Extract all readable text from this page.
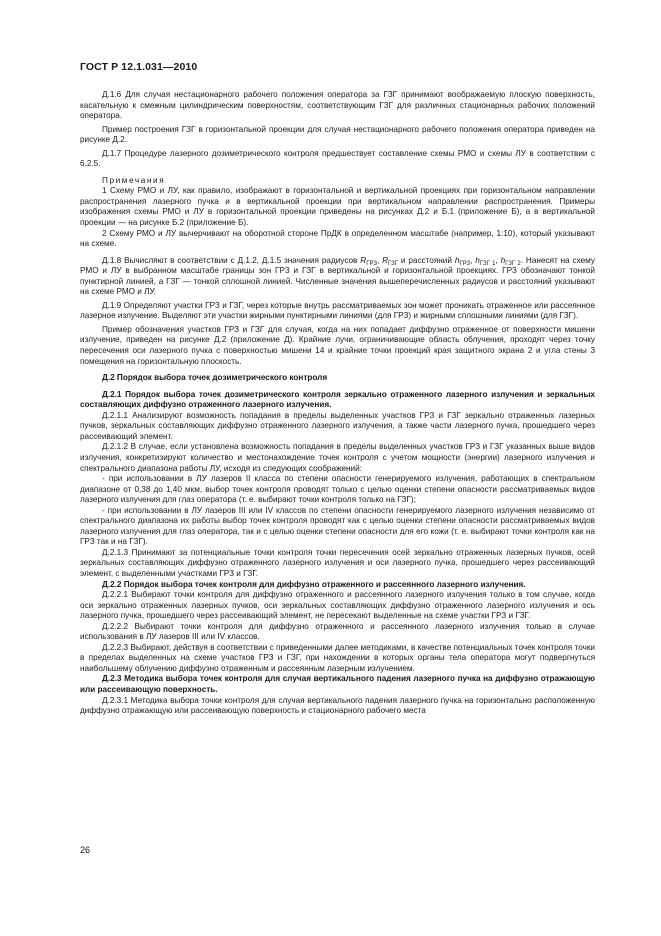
ГОСТ Р 12.1.031—2010

Д.1.6 Для случая нестационарного рабочего положения оператора за ГЗГ принимают воображаемую плоскую поверхность, касательную к смежным цилиндрическим поверхностям, соответствующим ГЗГ для различных стационарных рабочих положений оператора.

Пример построения ГЗГ в горизонтальной проекции для случая нестационарного рабочего положения оператора приведен на рисунке Д.2.

Д.1.7 Процедуре лазерного дозиметрического контроля предшествует составление схемы РМО и схемы ЛУ в соответствии с 6.2.5.

Примечания

1 Схему РМО и ЛУ, как правило, изображают в горизонтальной и вертикальной проекциях при горизонтальном направлении распространения лазерного пучка и в вертикальной проекции при вертикальном направлении распространения. Примеры изображения схемы РМО и ЛУ в горизонтальной проекции приведены на рисунках Д.2 и Б.1 (приложение Б), а в вертикальной проекции — на рисунке Б.2 (приложение Б).

2 Схему РМО и ЛУ вычерчивают на оборотной стороне ПрДК в определенном масштабе (например, 1:10), который указывают на схеме.

Д.1.8 Вычисляют в соответствии с Д.1.2, Д.1.5 значения радиусов $R_{ГРЗ}$, $R_{ГЗГ}$ и расстояний $h_{ГРЗ}$, $h_{ГЗГ 1}$, $h_{ГЗГ 2}$. Нанесят на схему РМО и ЛУ в выбранном масштабе границы зон ГРЗ и ГЗГ в вертикальной и горизонтальной проекциях. ГРЗ обозначают тонкой пунктирной линией, а ГЗГ — тонкой сплошной линией. Численные значения вышеперечисленных радиусов и расстояний указывают на схеме РМО и ЛУ.

Д.1.9 Определяют участки ГРЗ и ГЗГ, через которые внутрь рассматриваемых зон может проникать отраженное или рассеянное лазерное излучение. Выделяют эти участки жирными пунктирными линиями (для ГРЗ) и жирными сплошными линиями (для ГЗГ).

Пример обозначения участков ГРЗ и ГЗГ для случая, когда на них попадает диффузно отраженное от поверхности мишени излучение, приведен на рисунке Д.2 (приложение Д). Крайние лучи, ограничивающие область облучения, проходят через точку пересечения оси лазерного пучка с поверхностью мишени 14 и крайние точки проекций края защитного экрана 2 и угла стены 3 помещения на горизонтальную плоскость.

Д.2 Порядок выбора точек дозиметрического контроля

Д.2.1 Порядок выбора точек дозиметрического контроля зеркально отраженного лазерного излучения и зеркальных составляющих диффузно отраженного лазерного излучения.

Д.2.1.1 Анализируют возможность попадания в пределы выделенных участков ГРЗ и ГЗГ зеркально отраженных лазерных пучков, зеркальных составляющих диффузно отраженного лазерного излучения, а также части лазерного пучка, прошедшего через рассеивающий элемент.

Д.2.1.2 В случае, если установлена возможность попадания в пределы выделенных участков ГРЗ и ГЗГ указанных выше видов излучения, конкретизируют количество и местонахождение точек контроля с учетом мощности (энергии) лазерного излучения и спектрального диапазона работы ЛУ, исходя из следующих соображений:

- при использовании в ЛУ лазеров II класса по степени опасности генерируемого излучения, работающих в спектральном диапазоне от 0,38 до 1,40 мкм, выбор точек контроля проводят только с целью оценки степени опасности рассматриваемых видов лазерного излучения для глаз оператора (т. е. выбирают точки контроля только на ГЗГ);

- при использовании в ЛУ лазеров III или IV классов по степени опасности генерируемого лазерного излучения независимо от спектрального диапазона их работы выбор точек контроля проводят как с целью оценки степени опасности рассматриваемых видов лазерного излучения для глаз оператора, так и с целью оценки степени опасности для его кожи (т. е. выбирают точки контроля как на ГРЗ так и на ГЗГ).

Д.2.1.3 Принимают за потенциальные точки контроля точки пересечения осей зеркально отраженных лазерных пучков, осей зеркальных составляющих диффузно отраженного лазерного излучения и оси лазерного пучка, прошедшего через рассеивающий элемент, с выделенными участками ГРЗ и ГЗГ.

Д.2.2 Порядок выбора точек контроля для диффузно отраженного и рассеянного лазерного излучения.

Д.2.2.1 Выбирают точки контроля для диффузно отраженного и рассеянного лазерного излучения только в том случае, когда оси зеркально отраженных лазерных пучков, оси зеркальных составляющих диффузно отраженного лазерного излучения и ось лазерного пучка, прошедшего через рассеивающий элемент, не пересекают выделенные на схеме участки ГРЗ и ГЗГ.

Д.2.2.2 Выбирают точки контроля для диффузно отраженного и рассеянного лазерного излучения только в случае использования в ЛУ лазеров III или IV классов.

Д.2.2.3 Выбирают, действуя в соответствии с приведенными далее методиками, в качестве потенциальных точек контроля точки в пределах выделенных на схеме участков ГРЗ и ГЗГ, при нахождении в которых органы тела оператора могут подвергнуться наибольшему облучению диффузно отраженным и рассеянным лазерным излучением.

Д.2.3 Методика выбора точек контроля для случая вертикального падения лазерного пучка на диффузно отражающую или рассеивающую поверхность.

Д.2.3.1 Методика выбора точки контроля для случая вертикального падения лазерного пучка на горизонтально расположенную диффузно отражающую или рассеивающую поверхность и стационарного рабочего места

26
